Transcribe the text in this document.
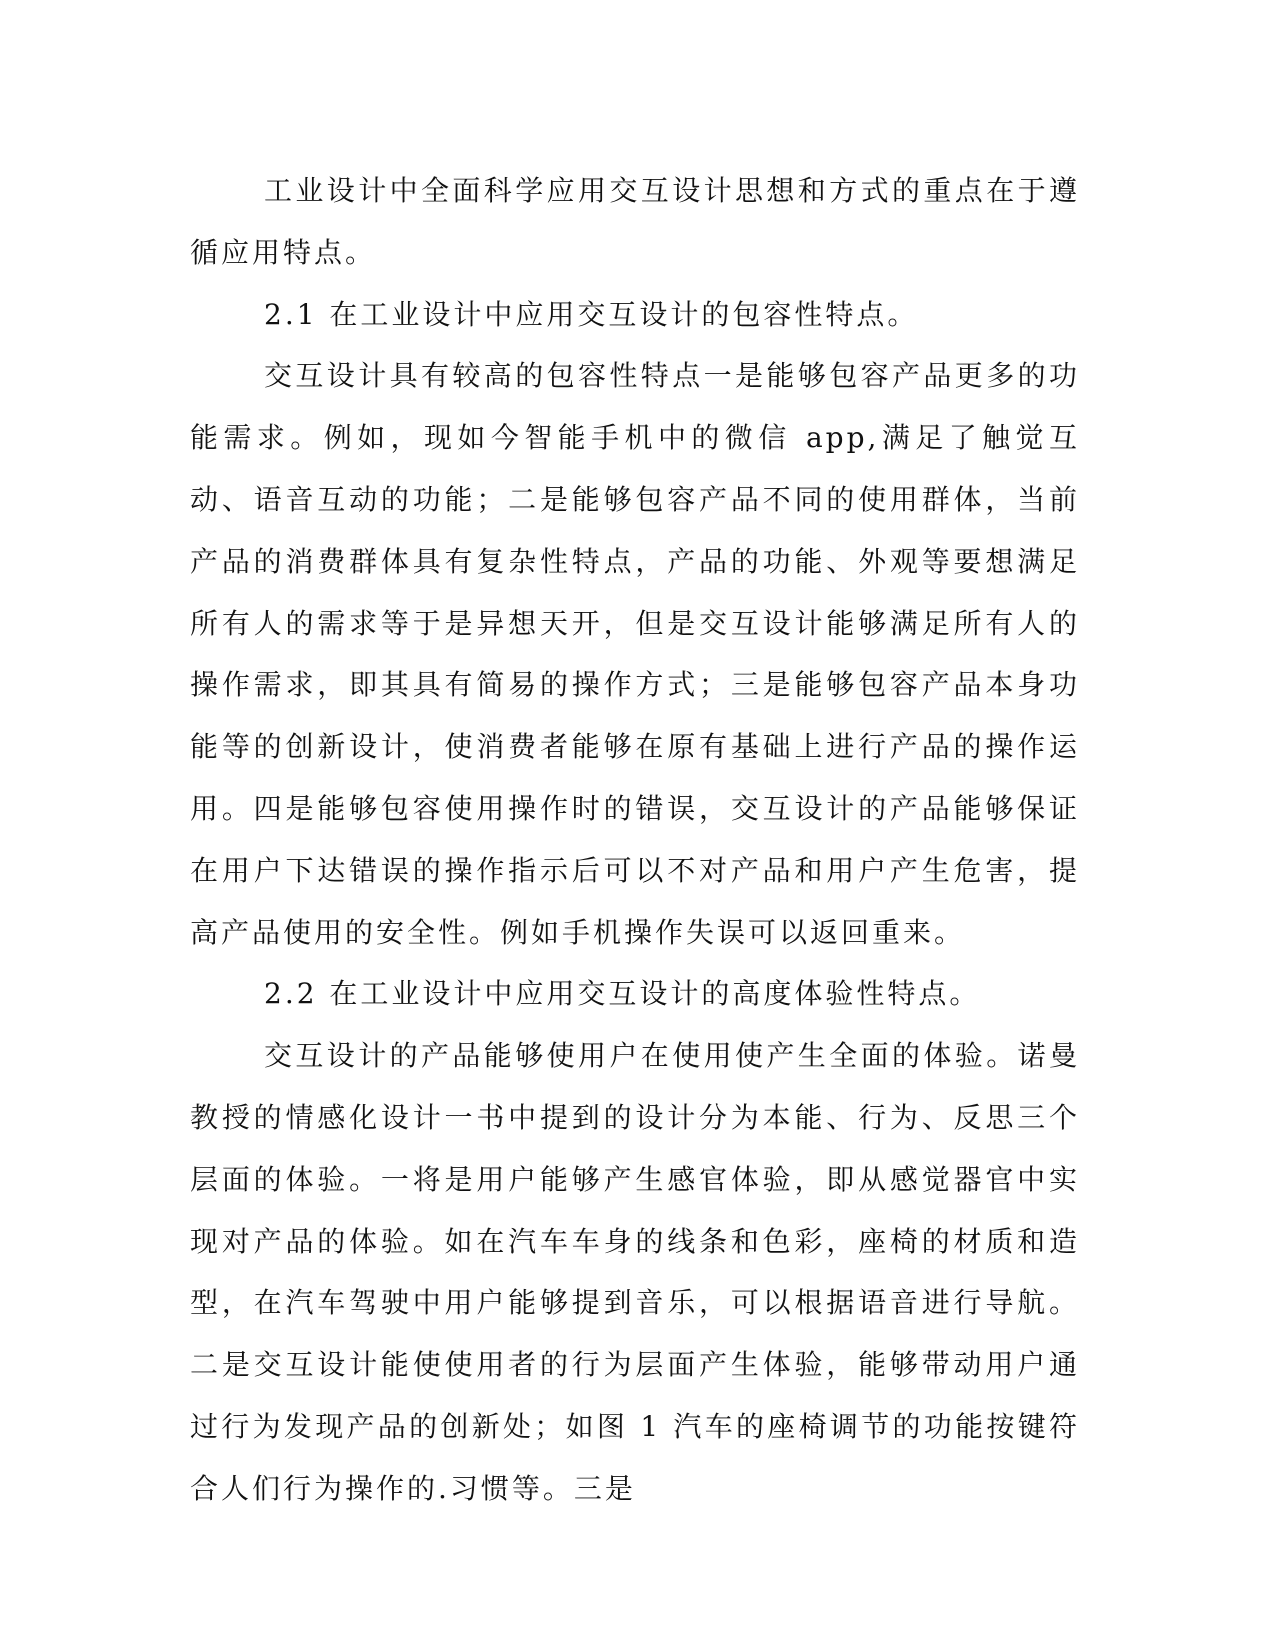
工业设计中全面科学应用交互设计思想和方式的重点在于遵循应用特点。

2.1 在工业设计中应用交互设计的包容性特点。

交互设计具有较高的包容性特点一是能够包容产品更多的功能需求。例如，现如今智能手机中的微信 app,满足了触觉互动、语音互动的功能；二是能够包容产品不同的使用群体，当前产品的消费群体具有复杂性特点，产品的功能、外观等要想满足所有人的需求等于是异想天开，但是交互设计能够满足所有人的操作需求，即其具有简易的操作方式；三是能够包容产品本身功能等的创新设计，使消费者能够在原有基础上进行产品的操作运用。四是能够包容使用操作时的错误，交互设计的产品能够保证在用户下达错误的操作指示后可以不对产品和用户产生危害，提高产品使用的安全性。例如手机操作失误可以返回重来。

2.2 在工业设计中应用交互设计的高度体验性特点。

交互设计的产品能够使用户在使用使产生全面的体验。诺曼教授的情感化设计一书中提到的设计分为本能、行为、反思三个层面的体验。一将是用户能够产生感官体验，即从感觉器官中实现对产品的体验。如在汽车车身的线条和色彩，座椅的材质和造型，在汽车驾驶中用户能够提到音乐，可以根据语音进行导航。二是交互设计能使使用者的行为层面产生体验，能够带动用户通过行为发现产品的创新处；如图 1 汽车的座椅调节的功能按键符合人们行为操作的.习惯等。三是
